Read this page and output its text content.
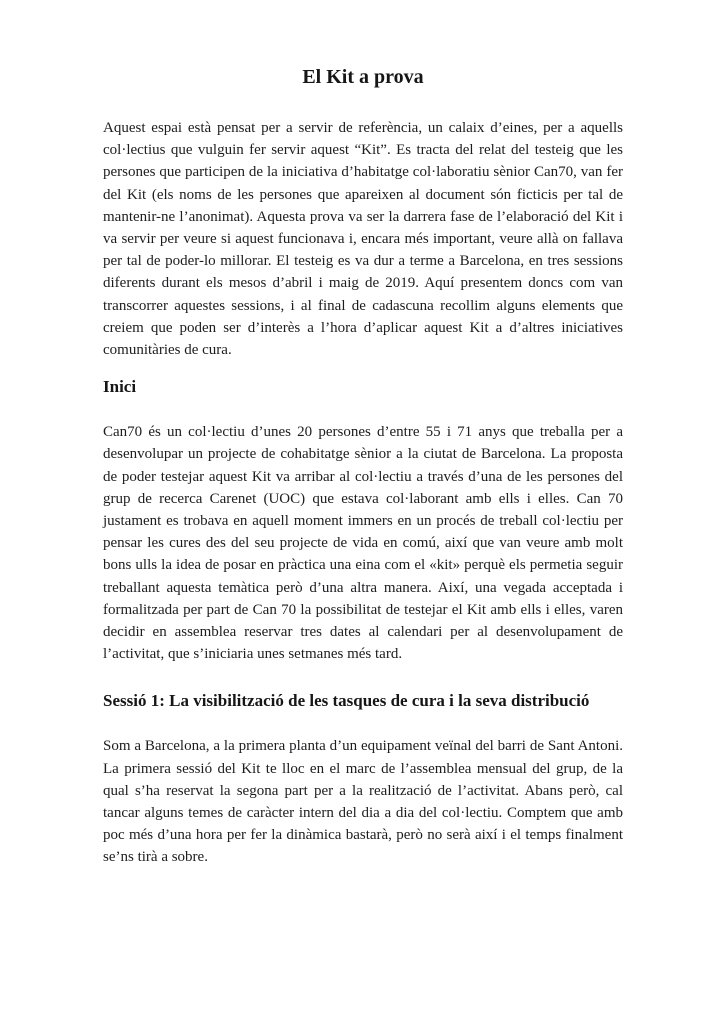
El Kit a prova

Aquest espai està pensat per a servir de referència, un calaix d’eines, per a aquells col·lectius que vulguin fer servir aquest “Kit”. Es tracta del relat del testeig que les persones que participen de la iniciativa d’habitatge col·laboratiu sènior Can70, van fer del Kit (els noms de les persones que apareixen al document són ficticis per tal de mantenir-ne l’anonimat). Aquesta prova va ser la darrera fase de l’elaboració del Kit i va servir per veure si aquest funcionava i, encara més important, veure allà on fallava per tal de poder-lo millorar. El testeig es va dur a terme a Barcelona, en tres sessions diferents durant els mesos d’abril i maig de 2019. Aquí presentem doncs com van transcorrer aquestes sessions, i al final de cadascuna recollim alguns elements que creiem que poden ser d’interès a l’hora d’aplicar aquest Kit a d’altres iniciatives comunitàries de cura.

Inici

Can70 és un col·lectiu d’unes 20 persones d’entre 55 i 71 anys que treballa per a desenvolupar un projecte de cohabitatge sènior a la ciutat de Barcelona. La proposta de poder testejar aquest Kit va arribar al col·lectiu a través d’una de les persones del grup de recerca Carenet (UOC) que estava col·laborant amb ells i elles. Can 70 justament es trobava en aquell moment immers en un procés de treball col·lectiu per pensar les cures des del seu projecte de vida en comú, així que van veure amb molt bons ulls la idea de posar en pràctica una eina com el «kit» perquè els permetia seguir treballant aquesta temàtica però d’una altra manera. Així, una vegada acceptada i formalitzada per part de Can 70 la possibilitat de testejar el Kit amb ells i elles, varen decidir en assemblea reservar tres dates al calendari per al desenvolupament de l’activitat, que s’iniciaria unes setmanes més tard.

Sessió 1: La visibilització de les tasques de cura i la seva distribució

Som a Barcelona, a la primera planta d’un equipament veïnal del barri de Sant Antoni. La primera sessió del Kit te lloc en el marc de l’assemblea mensual del grup, de la qual s’ha reservat la segona part per a la realització de l’activitat. Abans però, cal tancar alguns temes de caràcter intern del dia a dia del col·lectiu. Comptem que amb poc més d’una hora per fer la dinàmica bastarà, però no serà així i el temps finalment se’ns tirà a sobre.
